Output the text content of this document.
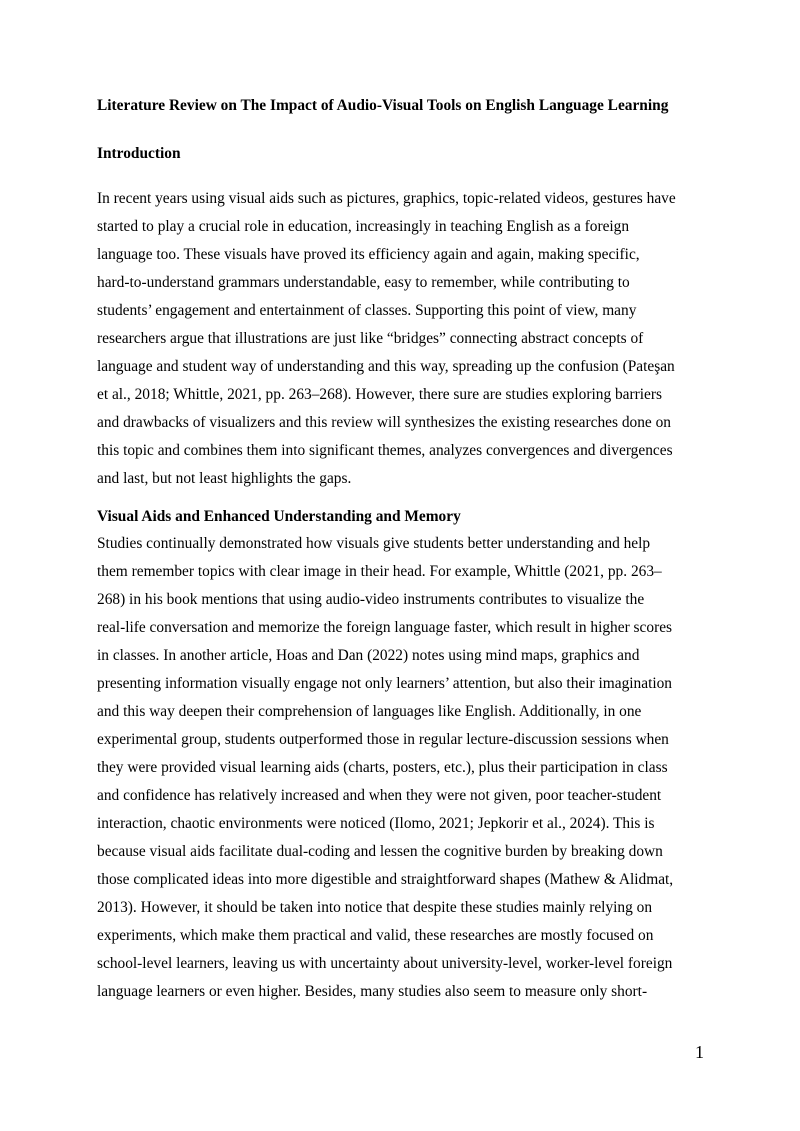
Literature Review on The Impact of Audio-Visual Tools on English Language Learning
Introduction
In recent years using visual aids such as pictures, graphics, topic-related videos, gestures have
started to play a crucial role in education, increasingly in teaching English as a foreign
language too. These visuals have proved its efficiency again and again, making specific,
hard-to-understand grammars understandable, easy to remember, while contributing to
students’ engagement and entertainment of classes. Supporting this point of view, many
researchers argue that illustrations are just like “bridges” connecting abstract concepts of
language and student way of understanding and this way, spreading up the confusion (Pateşan
et al., 2018; Whittle, 2021, pp. 263–268). However, there sure are studies exploring barriers
and drawbacks of visualizers and this review will synthesizes the existing researches done on
this topic and combines them into significant themes, analyzes convergences and divergences
and last, but not least highlights the gaps.
Visual Aids and Enhanced Understanding and Memory
Studies continually demonstrated how visuals give students better understanding and help
them remember topics with clear image in their head. For example, Whittle (2021, pp. 263–
268) in his book mentions that using audio-video instruments contributes to visualize the
real-life conversation and memorize the foreign language faster, which result in higher scores
in classes. In another article, Hoas and Dan (2022) notes using mind maps, graphics and
presenting information visually engage not only learners’ attention, but also their imagination
and this way deepen their comprehension of languages like English. Additionally, in one
experimental group, students outperformed those in regular lecture-discussion sessions when
they were provided visual learning aids (charts, posters, etc.), plus their participation in class
and confidence has relatively increased and when they were not given, poor teacher-student
interaction, chaotic environments were noticed (Ilomo, 2021; Jepkorir et al., 2024). This is
because visual aids facilitate dual-coding and lessen the cognitive burden by breaking down
those complicated ideas into more digestible and straightforward shapes (Mathew & Alidmat,
2013). However, it should be taken into notice that despite these studies mainly relying on
experiments, which make them practical and valid, these researches are mostly focused on
school-level learners, leaving us with uncertainty about university-level, worker-level foreign
language learners or even higher. Besides, many studies also seem to measure only short-
1
